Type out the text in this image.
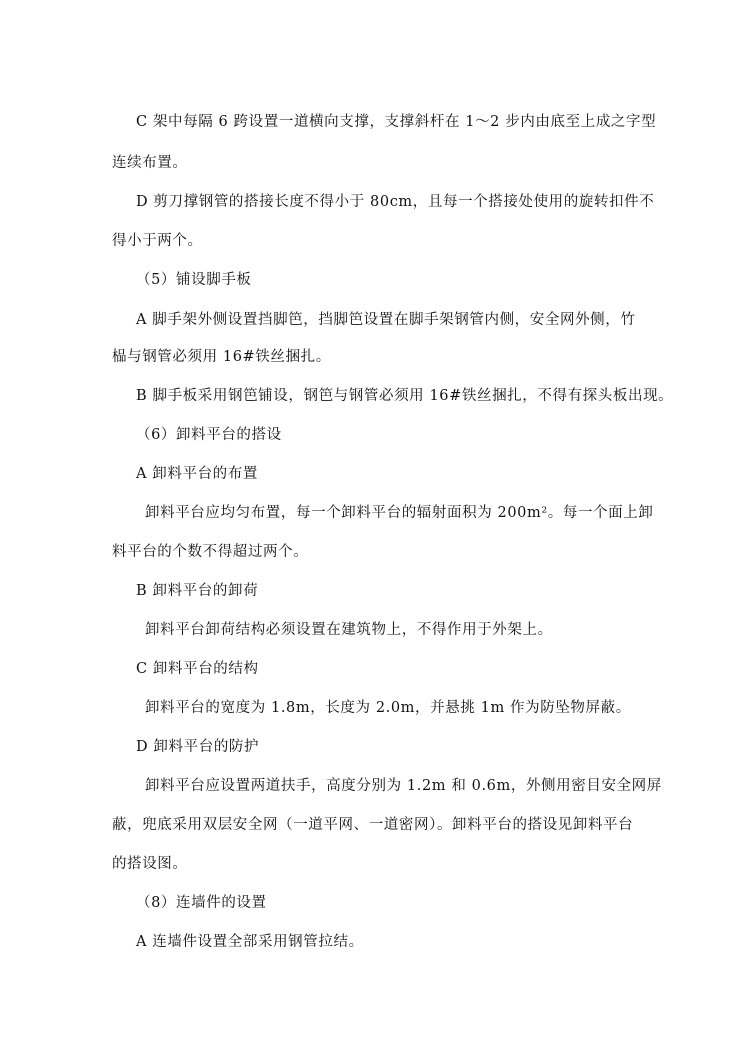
C 架中每隔 6 跨设置一道横向支撑，支撑斜杆在 1～2 步内由底至上成之字型

连续布置。

D 剪刀撑钢管的搭接长度不得小于 80cm，且每一个搭接处使用的旋转扣件不

得小于两个。

（5）铺设脚手板

A 脚手架外侧设置挡脚笆，挡脚笆设置在脚手架钢管内侧，安全网外侧，竹

榀与钢管必须用 16#铁丝捆扎。

B 脚手板采用钢笆铺设，钢笆与钢管必须用 16#铁丝捆扎，不得有探头板出现。

（6）卸料平台的搭设

A 卸料平台的布置

卸料平台应均匀布置，每一个卸料平台的辐射面积为 200m²。每一个面上卸

料平台的个数不得超过两个。

B 卸料平台的卸荷

卸料平台卸荷结构必须设置在建筑物上，不得作用于外架上。

C 卸料平台的结构

卸料平台的宽度为 1.8m，长度为 2.0m，并悬挑 1m 作为防坠物屏蔽。

D 卸料平台的防护

卸料平台应设置两道扶手，高度分别为 1.2m 和 0.6m，外侧用密目安全网屏

蔽，兜底采用双层安全网（一道平网、一道密网）。卸料平台的搭设见卸料平台

的搭设图。

（8）连墙件的设置

A 连墙件设置全部采用钢管拉结。
